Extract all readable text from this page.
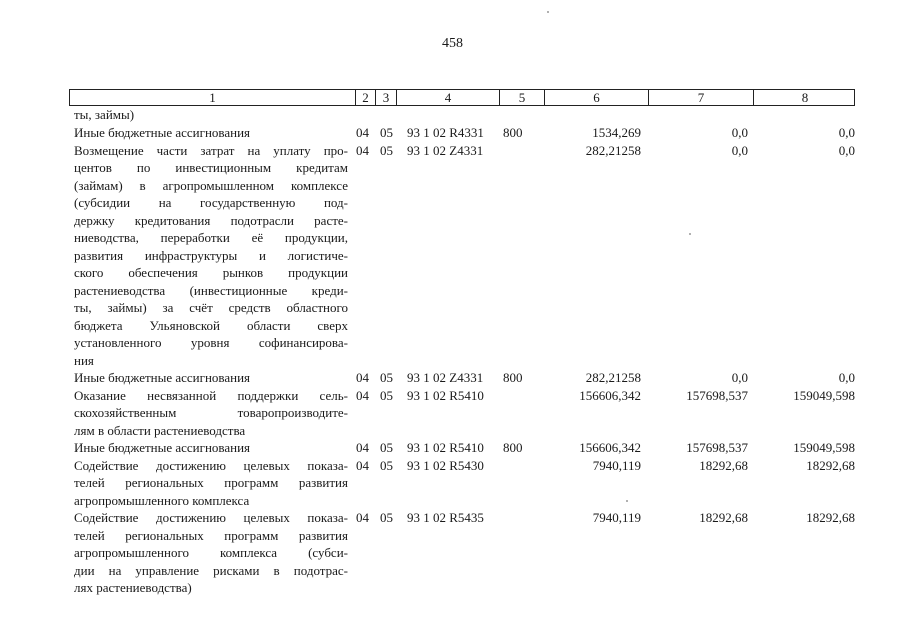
458
1	2	3	4	5	6	7	8
ты, займы)
Иные бюджетные ассигнования	04 05 93 1 02 R4331 800	1534,269	0,0	0,0
Возмещение части затрат на уплату про-
центов по инвестиционным кредитам
(займам) в агропромышленном комплексе
(субсидии на государственную под-
держку кредитования подотрасли расте-
ниеводства, переработки её продукции,
развития инфраструктуры и логистиче-
ского обеспечения рынков продукции
растениеводства (инвестиционные креди-
ты, займы) за счёт средств областного
бюджета Ульяновской области сверх
установленного уровня софинансирова-
ния
04 05 93 1 02 Z4331	282,21258	0,0	0,0
Иные бюджетные ассигнования	04 05 93 1 02 Z4331 800	282,21258	0,0	0,0
Оказание несвязанной поддержки сель-
скохозяйственным товаропроизводите-
лям в области растениеводства
04 05 93 1 02 R5410	156606,342	157698,537	159049,598
Иные бюджетные ассигнования	04 05 93 1 02 R5410 800	156606,342	157698,537	159049,598
Содействие достижению целевых показа-
телей региональных программ развития
агропромышленного комплекса
04 05 93 1 02 R5430	7940,119	18292,68	18292,68
Содействие достижению целевых показа-
телей региональных программ развития
агропромышленного комплекса (субси-
дии на управление рисками в подотрас-
лях растениеводства)
04 05 93 1 02 R5435	7940,119	18292,68	18292,68
